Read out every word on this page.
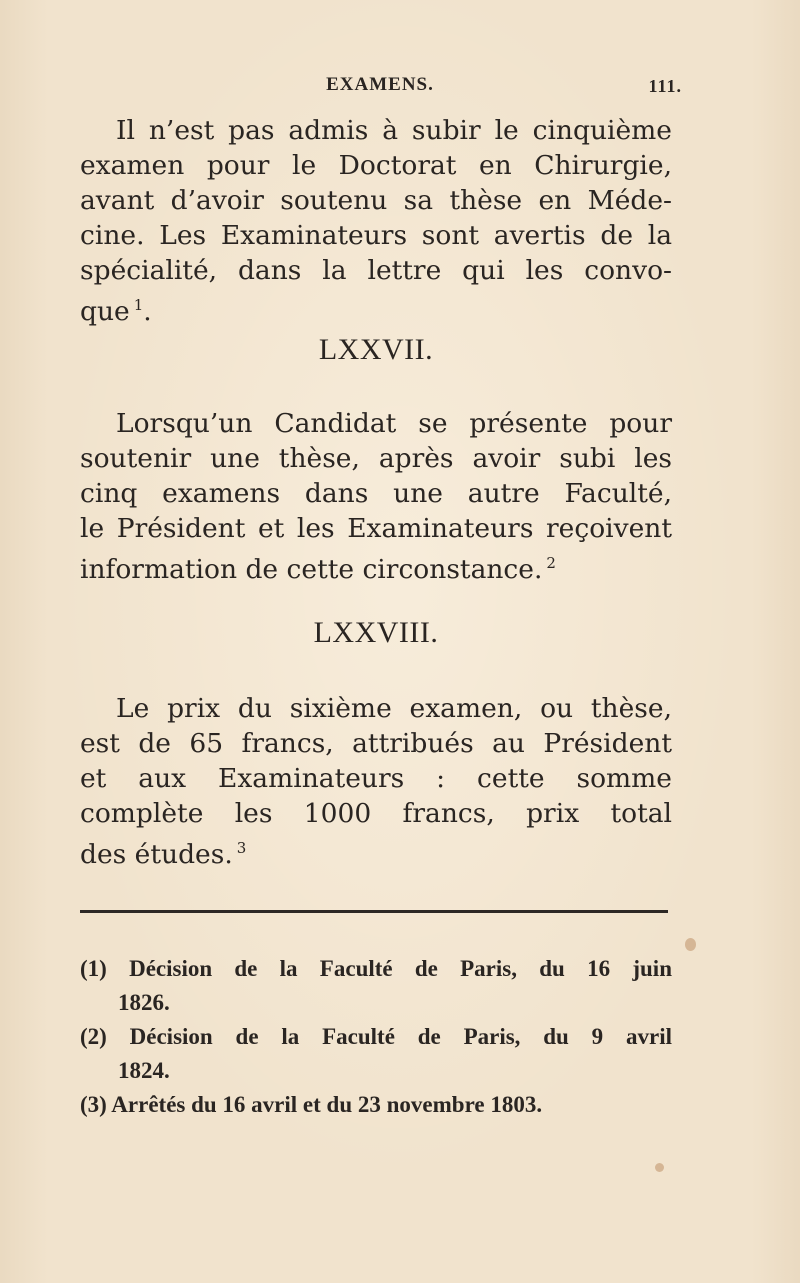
EXAMENS.	111.
Il n’est pas admis à subir le cinquième
examen pour le Doctorat en Chirurgie,
avant d’avoir soutenu sa thèse en Méde-
cine. Les Examinateurs sont avertis de la
spécialité, dans la lettre qui les convo-
que $^1$.
LXXVII.
Lorsqu’un Candidat se présente pour
soutenir une thèse, après avoir subi les
cinq examens dans une autre Faculté,
le Président et les Examinateurs reçoivent
information de cette circonstance. $^2$
LXXVIII.
Le prix du sixième examen, ou thèse,
est de 65 francs, attribués au Président
et aux Examinateurs : cette somme
complète les 1000 francs, prix total
des études. $^3$
(1) Décision de la Faculté de Paris, du 16 juin
1826.
(2) Décision de la Faculté de Paris, du 9 avril
1824.
(3) Arrêtés du 16 avril et du 23 novembre 1803.
